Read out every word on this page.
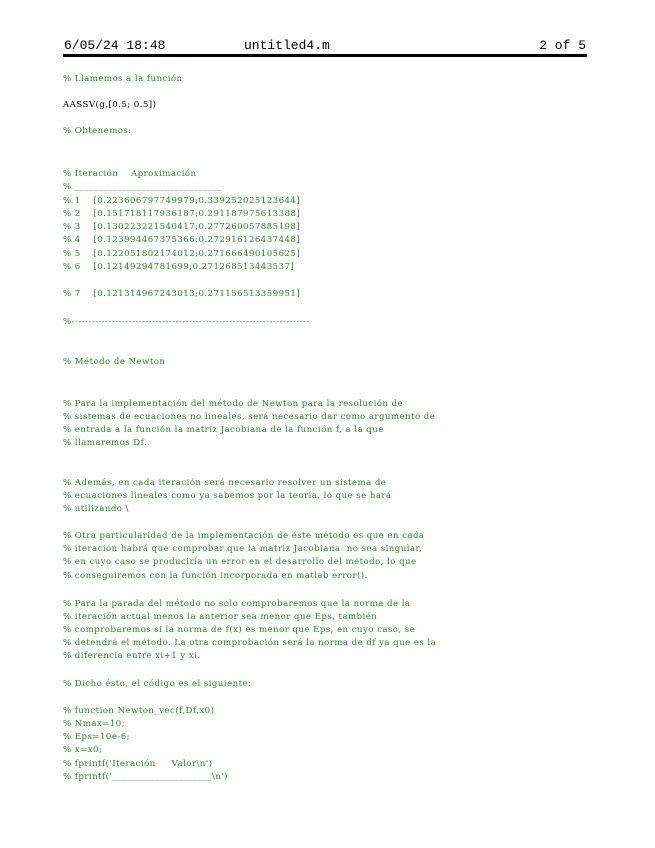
6/05/24 18:48	untitled4.m	2 of 5
% Llamemos a la función
AASSV(g,[0.5; 0.5])
% Obtenemos:
% Iteración    Aproximación
% _______________________________
% 1    [0.223606797749979;0.339252025123644]
% 2    [0.151718117936187;0.291187975613388]
% 3    [0.130223221540417;0.277260057885198]
% 4    [0.123994467375366;0.272916126437448]
% 5    [0.122051802174012;0.271666490105625]
% 6    [0.12149294781699;0.271268513443537]
% 7    [0.121314967243013;0.271156513359951]
%-----------------------------------------------------------------------
% Método de Newton
% Para la implementación del método de Newton para la resolución de
% sistemas de ecuaciones no lineales, será necesario dar como argumento de
% entrada a la función la matriz Jacobiana de la función f, a la que
% llamaremos Df.
% Además, en cada iteración será necesario resolver un sistema de
% ecuaciones lineales como ya sabemos por la teoría, lo que se hará
% utilizando \
% Otra particularidad de la implementación de éste método es que en cada
% iteración habrá que comprobar que la matriz Jacobiana  no sea singular,
% en cuyo caso se produciría un error en el desarrollo del método, lo que
% conseguiremos con la función incorporada en matlab error().
% Para la parada del método no solo comprobaremos que la norma de la
% iteración actual menos la anterior sea menor que Eps, también
% comprobaremos si la norma de f(x) es menor que Eps, en cuyo caso, se
% detendrá el método. La otra comprobación será la norma de df ya que es la
% diferencia entre xi+1 y xi.
% Dicho ésto, el código es el siguiente:
% function Newton_vec(f,Df,x0)
% Nmax=10;
% Eps=10e-6;
% x=x0;
% fprintf('Iteración     Valor\n')
% fprintf('_____________________\n')
